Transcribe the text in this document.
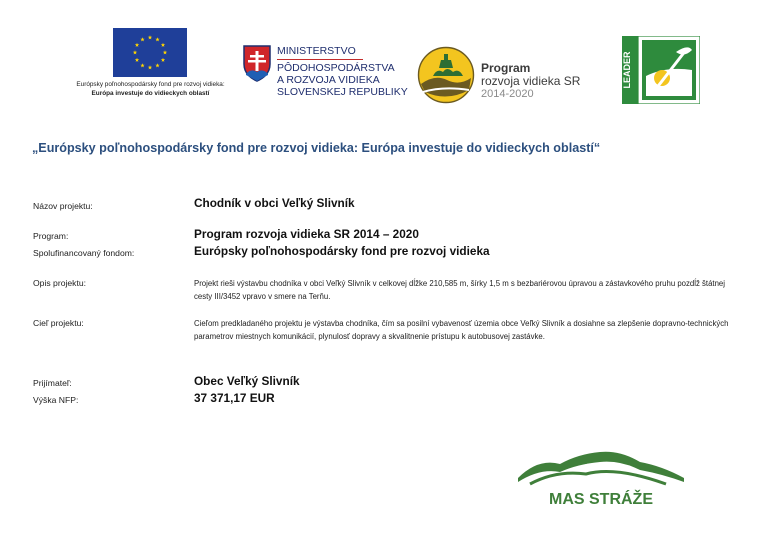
Európsky poľnohospodársky fond pre rozvoj vidieka:
Európa investuje do vidieckych oblastí
MINISTERSTVO
PÔDOHOSPODÁRSTVA
A ROZVOJA VIDIEKA
SLOVENSKEJ REPUBLIKY
Program
rozvoja vidieka SR
2014-2020
LEADER
„Európsky poľnohospodársky fond pre rozvoj vidieka: Európa investuje do vidieckych oblastí“
Názov projektu:	Chodník v obci Veľký Slivník
Program:	Program rozvoja vidieka SR 2014 – 2020
Spolufinancovaný fondom:	Európsky poľnohospodársky fond pre rozvoj vidieka
Opis projektu:	Projekt rieši výstavbu chodníka v obci Veľký Slivník v celkovej dĺžke 210,585 m, šírky 1,5 m s bezbariérovou úpravou a zástavkového pruhu pozdĺž štátnej cesty III/3452 vpravo v smere na Terňu.
Cieľ projektu:	Cieľom predkladaného projektu je výstavba chodníka, čím sa posilní vybavenosť územia obce Veľký Slivník a dosiahne sa zlepšenie dopravno-technických parametrov miestnych komunikácií, plynulosť dopravy a skvalitnenie prístupu k autobusovej zastávke.
Prijímateľ:	Obec Veľký Slivník
Výška NFP:	37 371,17 EUR
MAS STRÁŽE
